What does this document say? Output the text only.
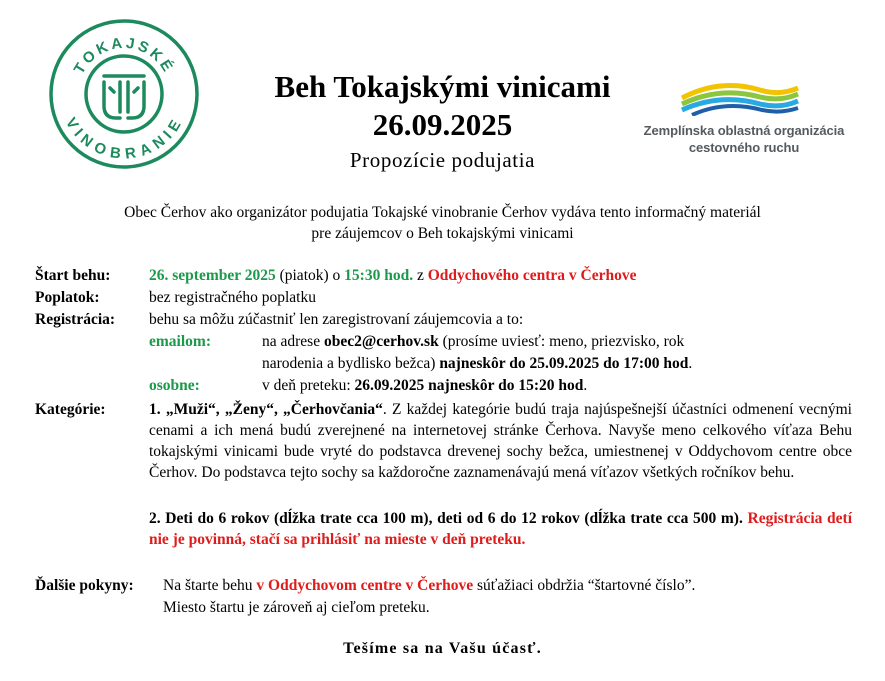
TOKAJSKÉ
VINOBRANIE	Zemplínska oblastná organizácia
cestovného ruchu
Beh Tokajskými vinicami
26.09.2025
Propozície podujatia
Obec Čerhov ako organizátor podujatia Tokajské vinobranie Čerhov vydáva tento informačný materiál
pre záujemcov o Beh tokajskými vinicami
Štart behu: 26. september 2025 (piatok) o 15:30 hod. z Oddychového centra v Čerhove
Poplatok:	bez registračného poplatku
Registrácia: behu sa môžu zúčastniť len zaregistrovaní záujemcovia a to:
emailom:	na adrese obec2@cerhov.sk (prosíme uviesť: meno, priezvisko, rok
narodenia a bydlisko bežca) najneskôr do 25.09.2025 do 17:00 hod.
osobne:	v deň preteku: 26.09.2025 najneskôr do 15:20 hod.
Kategórie:	1. „Muži“, „Ženy“, „Čerhovčania“. Z každej kategórie budú traja najúspešnejší účastníci odmenení vecnými cenami a ich mená budú zverejnené na internetovej stránke Čerhova. Navyše meno celkového víťaza Behu tokajskými vinicami bude vryté do podstavca drevenej sochy bežca, umiestnenej v Oddychovom centre obce Čerhov. Do podstavca tejto sochy sa každoročne zaznamenávajú mená víťazov všetkých ročníkov behu.
2. Deti do 6 rokov (dĺžka trate cca 100 m), deti od 6 do 12 rokov (dĺžka trate cca 500 m). Registrácia detí nie je povinná, stačí sa prihlásiť na mieste v deň preteku.
Ďalšie pokyny: Na štarte behu v Oddychovom centre v Čerhove súťažiaci obdržia “štartovné číslo”.
Miesto štartu je zároveň aj cieľom preteku.
Tešíme sa na Vašu účasť.
